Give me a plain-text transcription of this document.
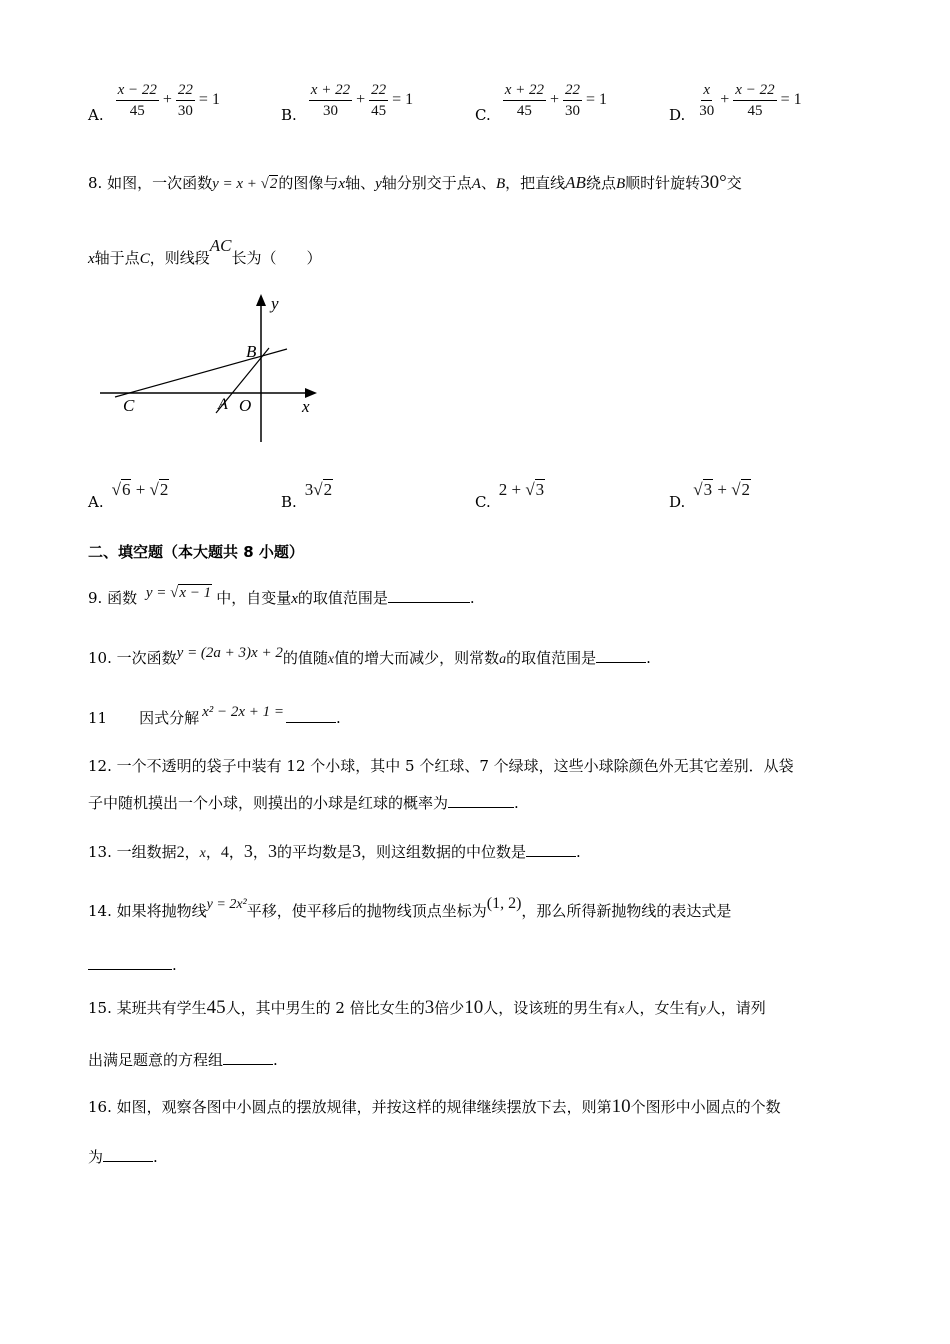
A. $\frac{x - 22}{45} + \frac{22}{30} = 1$
B. $\frac{x + 22}{30} + \frac{22}{45} = 1$
C. $\frac{x + 22}{45} + \frac{22}{30} = 1$
D. $\frac{x}{30} + \frac{x - 22}{45} = 1$
8. 如图，一次函数y = x + √2的图像与x轴、y轴分别交于点A、B，把直线AB绕点B顺时针旋转30°交
x轴于点C，则线段AC长为（　　）
y
x
B
C	A O
A.√6 + √2
B.3√2
C.2 + √3
D.√3 + √2
二、填空题（本大题共 8 小题）
9. 函数 y = √x − 1 中，自变量x的取值范围是	.
10. 一次函数y = (2a + 3)x + 2的值随x值的增大而减少，则常数a的取值范围是	.
11 因式分解 x² − 2x + 1 =	.
12. 一个不透明的袋子中装有 12 个小球，其中 5 个红球、7 个绿球，这些小球除颜色外无其它差别．从袋
子中随机摸出一个小球，则摸出的小球是红球的概率为	.
13. 一组数据2，x，4，3，3的平均数是3，则这组数据的中位数是	.
14. 如果将抛物线y = 2x²平移，使平移后的抛物线顶点坐标为(1, 2)，那么所得新抛物线的表达式是
.
15. 某班共有学生45人，其中男生的 2 倍比女生的3倍少10人，设该班的男生有x人，女生有y人，请列
出满足题意的方程组	.
16. 如图，观察各图中小圆点的摆放规律，并按这样的规律继续摆放下去，则第10个图形中小圆点的个数
为	.
